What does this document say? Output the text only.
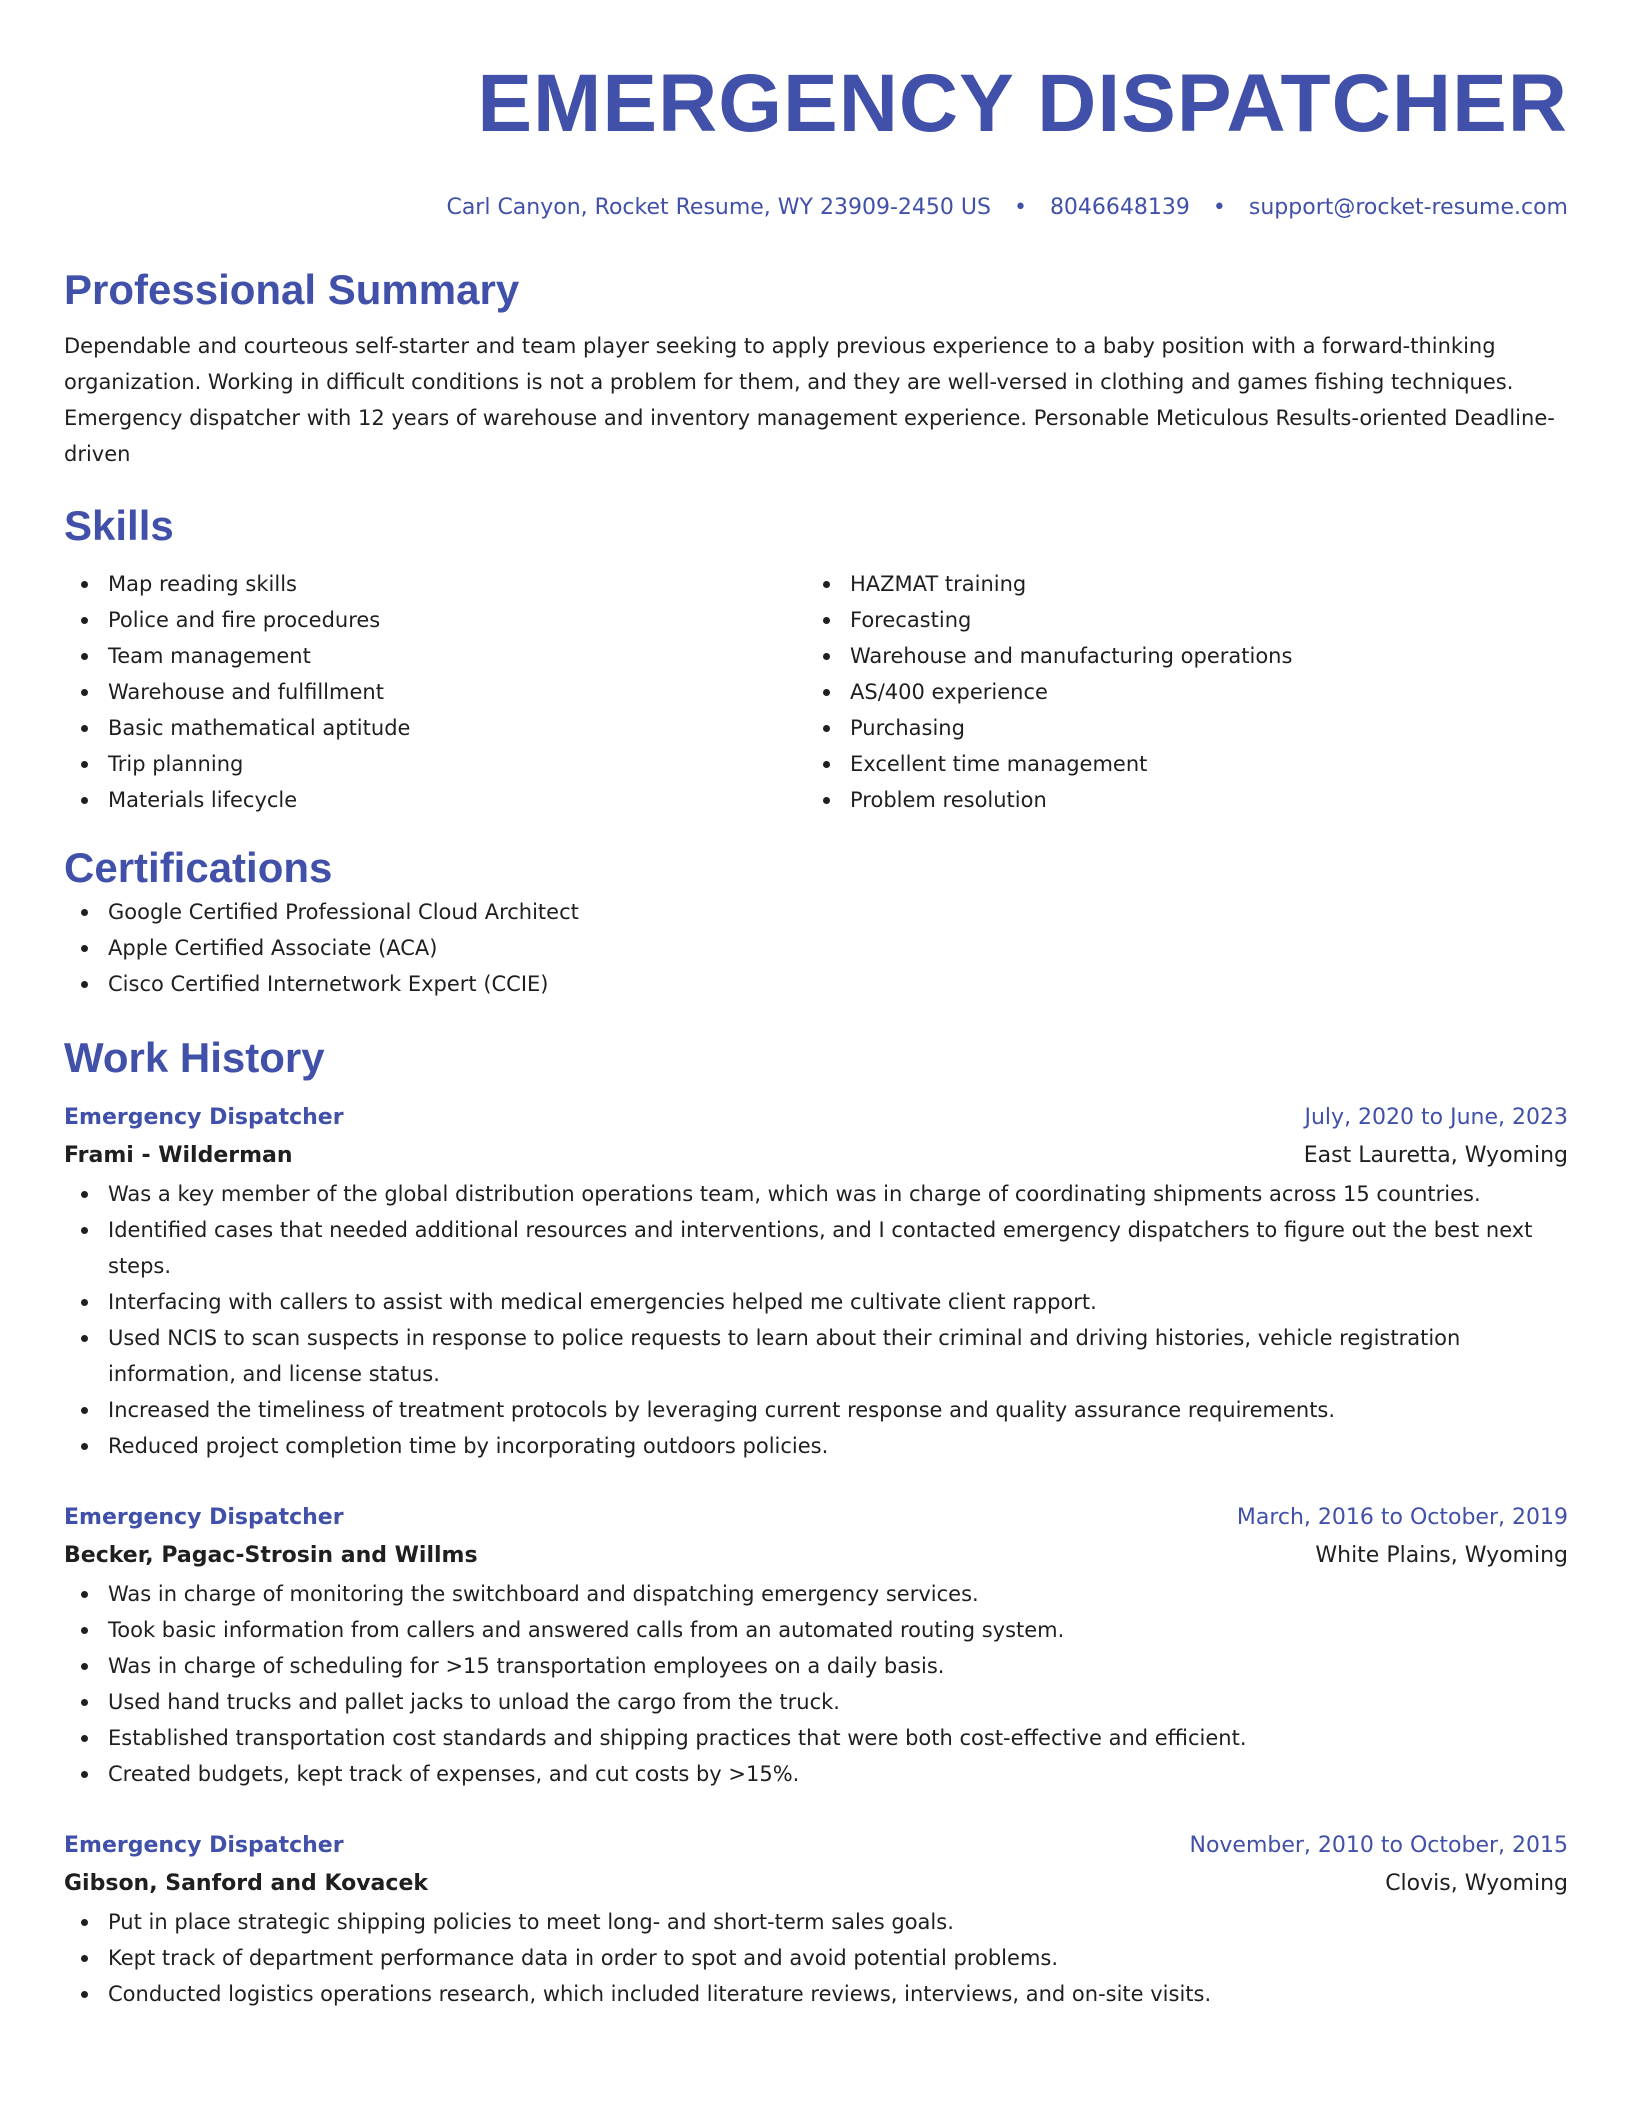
EMERGENCY DISPATCHER
Carl Canyon, Rocket Resume, WY 23909-2450 US • 8046648139 • support@rocket-resume.com
Professional Summary

Dependable and courteous self-starter and team player seeking to apply previous experience to a baby position with a forward-thinking organization. Working in difficult conditions is not a problem for them, and they are well-versed in clothing and games fishing techniques. Emergency dispatcher with 12 years of warehouse and inventory management experience. Personable Meticulous Results-oriented Deadline-driven

Skills
Map reading skills
Police and fire procedures
Team management
Warehouse and fulfillment
Basic mathematical aptitude
Trip planning
Materials lifecycle
HAZMAT training
Forecasting
Warehouse and manufacturing operations
AS/400 experience
Purchasing
Excellent time management
Problem resolution
Certifications
Google Certified Professional Cloud Architect
Apple Certified Associate (ACA)
Cisco Certified Internetwork Expert (CCIE)
Work History
Emergency Dispatcher	July, 2020 to June, 2023
Frami - Wilderman	East Lauretta, Wyoming
Was a key member of the global distribution operations team, which was in charge of coordinating shipments across 15 countries.
Identified cases that needed additional resources and interventions, and I contacted emergency dispatchers to figure out the best next steps.
Interfacing with callers to assist with medical emergencies helped me cultivate client rapport.
Used NCIS to scan suspects in response to police requests to learn about their criminal and driving histories, vehicle registration information, and license status.
Increased the timeliness of treatment protocols by leveraging current response and quality assurance requirements.
Reduced project completion time by incorporating outdoors policies.
Emergency Dispatcher	March, 2016 to October, 2019
Becker, Pagac-Strosin and Willms	White Plains, Wyoming
Was in charge of monitoring the switchboard and dispatching emergency services.
Took basic information from callers and answered calls from an automated routing system.
Was in charge of scheduling for >15 transportation employees on a daily basis.
Used hand trucks and pallet jacks to unload the cargo from the truck.
Established transportation cost standards and shipping practices that were both cost-effective and efficient.
Created budgets, kept track of expenses, and cut costs by >15%.
Emergency Dispatcher	November, 2010 to October, 2015
Gibson, Sanford and Kovacek	Clovis, Wyoming
Put in place strategic shipping policies to meet long- and short-term sales goals.
Kept track of department performance data in order to spot and avoid potential problems.
Conducted logistics operations research, which included literature reviews, interviews, and on-site visits.
